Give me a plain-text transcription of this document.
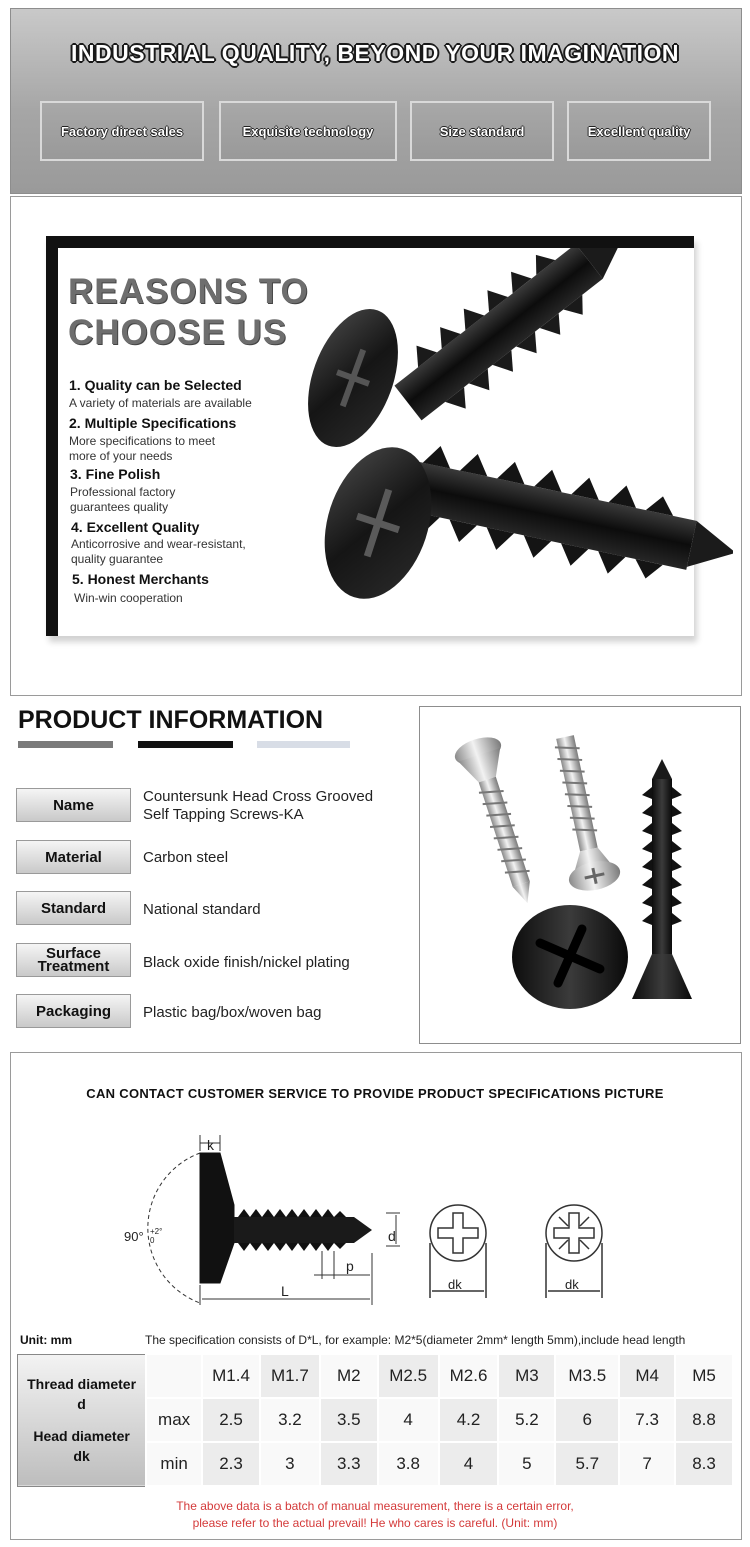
INDUSTRIAL QUALITY, BEYOND YOUR IMAGINATION
Factory direct sales	Exquisite technology	Size standard	Excellent quality
REASONS TO
CHOOSE US
1. Quality can be Selected
A variety of materials are available
2. Multiple Specifications
More specifications to meet
more of your needs
3. Fine Polish
Professional factory
guarantees quality
4. Excellent Quality
Anticorrosive and wear-resistant,
quality guarantee
5. Honest Merchants
Win-win cooperation
PRODUCT INFORMATION
Name	Countersunk Head Cross Grooved
Self Tapping Screws-KA
Material	Carbon steel
Standard	National standard
Surface
Treatment Black oxide finish/nickel plating
Packaging	Plastic bag/box/woven bag
CAN CONTACT CUSTOMER SERVICE TO PROVIDE PRODUCT SPECIFICATIONS PICTURE
k
90° +2°
0	d
p
L	dk	dk
Unit: mm	The specification consists of D*L, for example: M2*5(diameter 2mm* length 5mm),include head length
Thread diameter
d
Head diameter
dk		M1.4	M1.7	M2	M2.5	M2.6	M3	M3.5	M4	M5
	max	2.5	3.2	3.5	4	4.2	5.2	6	7.3	8.8
	min	2.3	3	3.3	3.8	4	5	5.7	7	8.3
The above data is a batch of manual measurement, there is a certain error,
please refer to the actual prevail! He who cares is careful. (Unit: mm)
